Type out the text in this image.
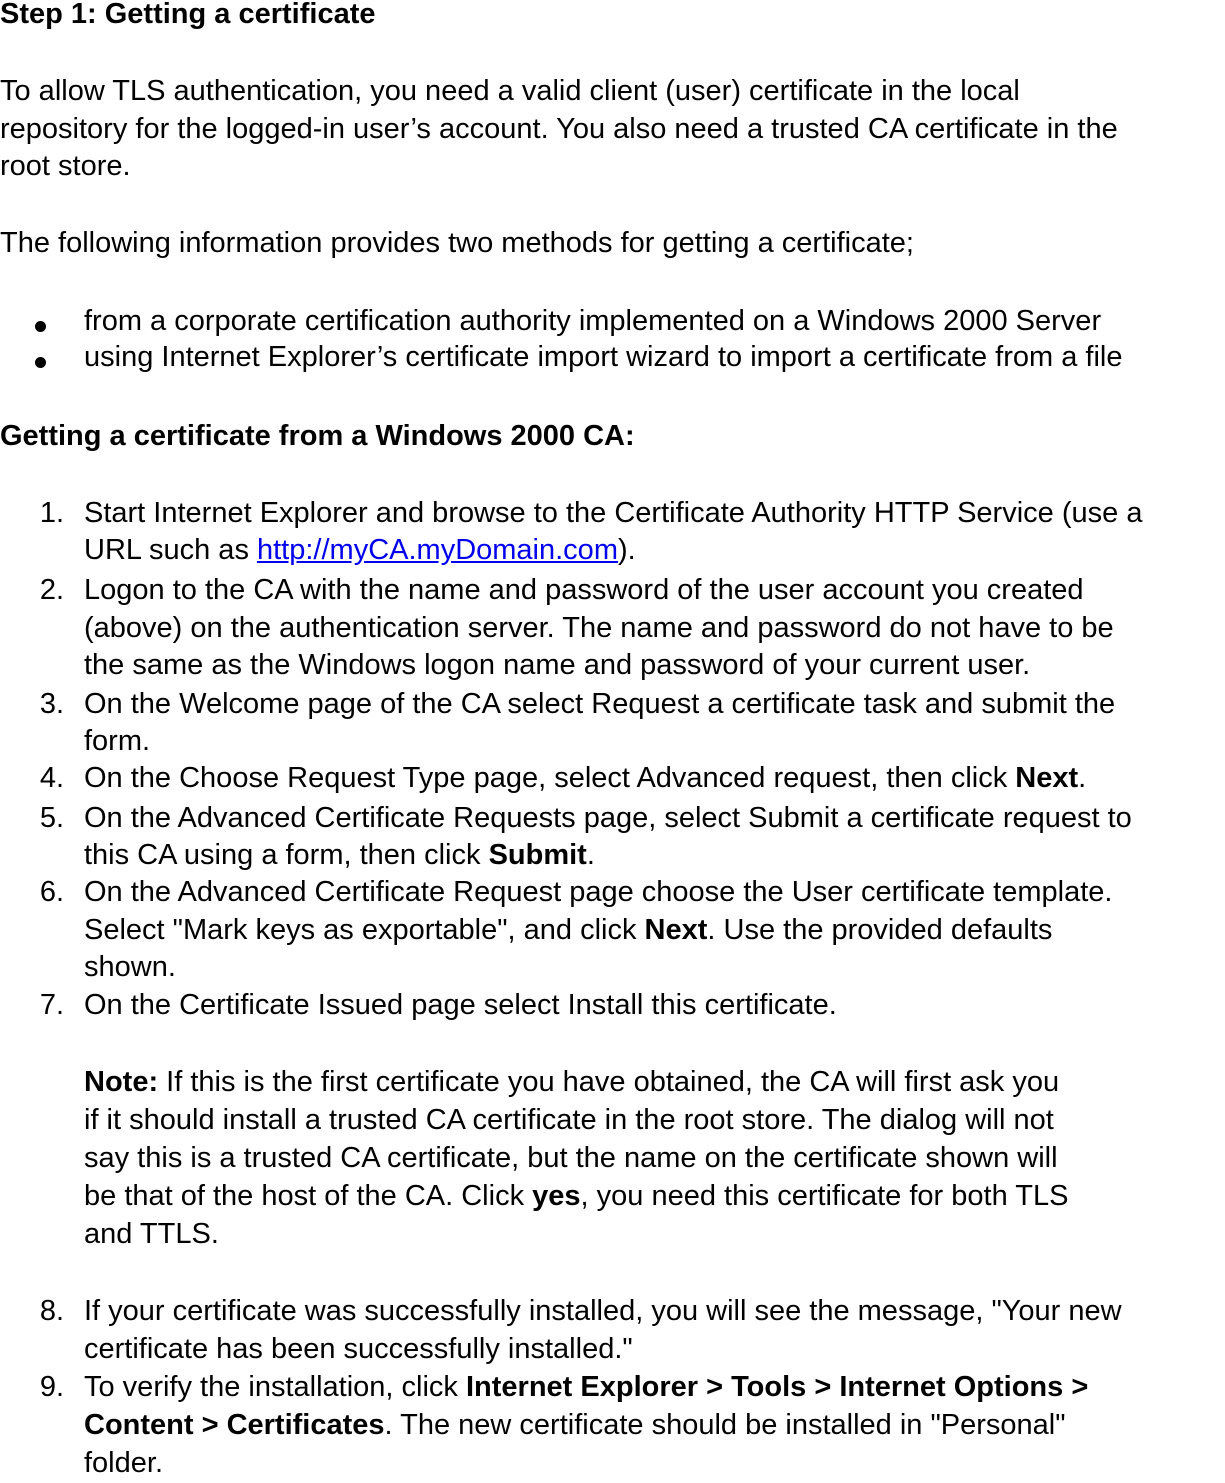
Step 1: Getting a certificate
To allow TLS authentication, you need a valid client (user) certificate in the local
repository for the logged-in user’s account. You also need a trusted CA certificate in the
root store.
The following information provides two methods for getting a certificate;
from a corporate certification authority implemented on a Windows 2000 Server
using Internet Explorer’s certificate import wizard to import a certificate from a file
Getting a certificate from a Windows 2000 CA:
1. Start Internet Explorer and browse to the Certificate Authority HTTP Service (use a
URL such as http://myCA.myDomain.com).
2. Logon to the CA with the name and password of the user account you created
(above) on the authentication server. The name and password do not have to be
the same as the Windows logon name and password of your current user.
3. On the Welcome page of the CA select Request a certificate task and submit the
form.
4. On the Choose Request Type page, select Advanced request, then click Next.
5. On the Advanced Certificate Requests page, select Submit a certificate request to
this CA using a form, then click Submit.
6. On the Advanced Certificate Request page choose the User certificate template.
Select "Mark keys as exportable", and click Next. Use the provided defaults
shown.
7. On the Certificate Issued page select Install this certificate.
Note: If this is the first certificate you have obtained, the CA will first ask you
if it should install a trusted CA certificate in the root store. The dialog will not
say this is a trusted CA certificate, but the name on the certificate shown will
be that of the host of the CA. Click yes, you need this certificate for both TLS
and TTLS.
8. If your certificate was successfully installed, you will see the message, "Your new
certificate has been successfully installed."
9. To verify the installation, click Internet Explorer > Tools > Internet Options >
Content > Certificates. The new certificate should be installed in "Personal"
folder.
